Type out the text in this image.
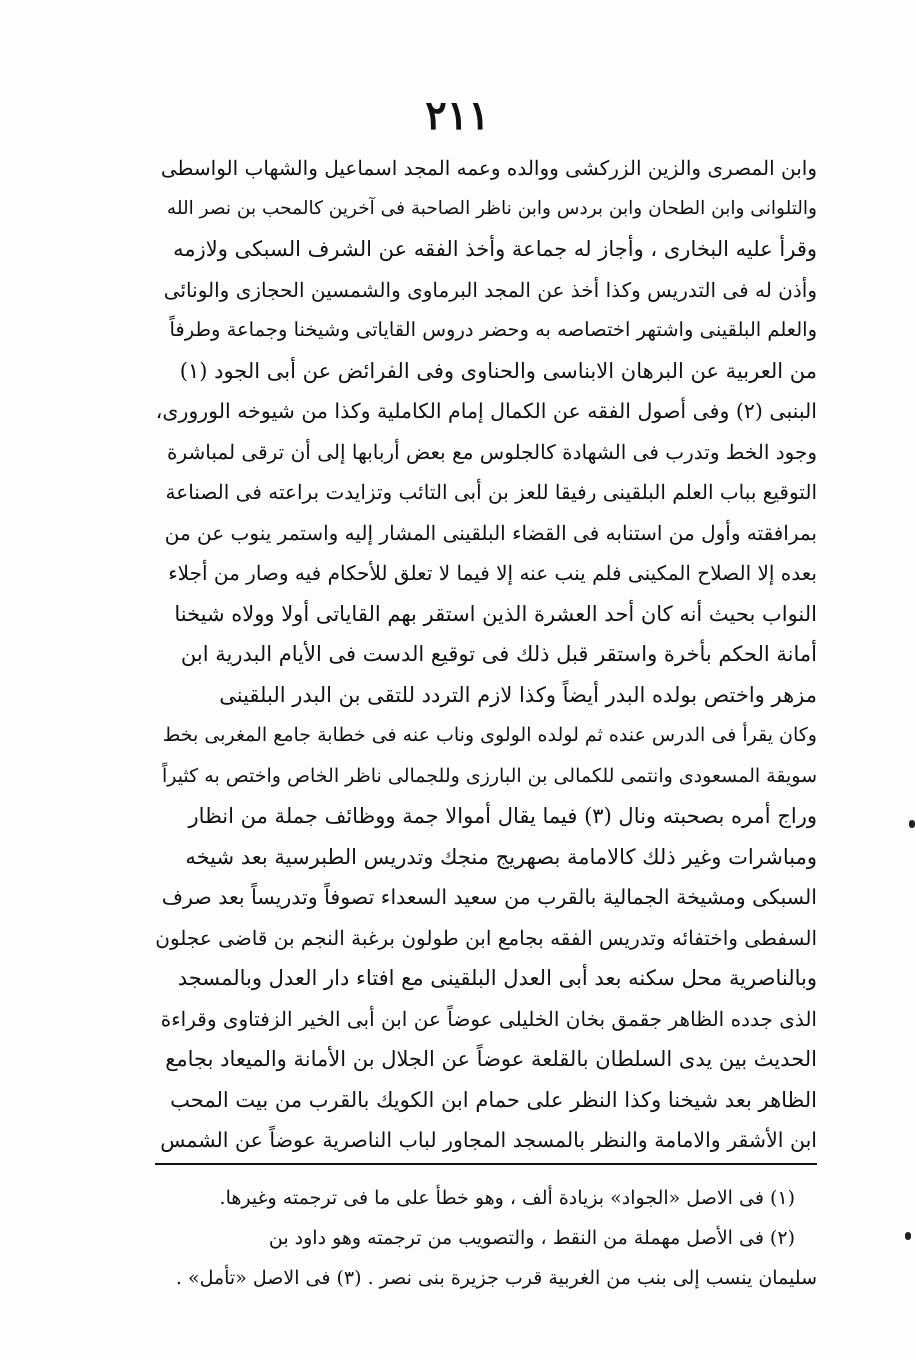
٢١١
وابن المصرى والزين الزركشى ووالده وعمه المجد اسماعيل والشهاب الواسطى
والتلوانى وابن الطحان وابن بردس وابن ناظر الصاحبة فى آخرين كالمحب بن نصر الله
وقرأ عليه البخارى ، وأجاز له جماعة وأخذ الفقه عن الشرف السبكى ولازمه
وأذن له فى التدريس وكذا أخذ عن المجد البرماوى والشمسين الحجازى والونائى
والعلم البلقينى واشتهر اختصاصه به وحضر دروس القاياتى وشيخنا وجماعة وطرفاً
من العربية عن البرهان الابناسى والحناوى وفى الفرائض عن أبى الجود (١)
البنبى (٢) وفى أصول الفقه عن الكمال إمام الكاملية وكذا من شيوخه الورورى،
وجود الخط وتدرب فى الشهادة كالجلوس مع بعض أربابها إلى أن ترقى لمباشرة
التوقيع بباب العلم البلقينى رفيقا للعز بن أبى التائب وتزايدت براعته فى الصناعة
بمرافقته وأول من استنابه فى القضاء البلقينى المشار إليه واستمر ينوب عن من
بعده إلا الصلاح المكينى فلم ينب عنه إلا فيما لا تعلق للأحكام فيه وصار من أجلاء
النواب بحيث أنه كان أحد العشرة الذين استقر بهم القاياتى أولا وولاه شيخنا
أمانة الحكم بأخرة واستقر قبل ذلك فى توقيع الدست فى الأيام البدرية ابن
مزهر واختص بولده البدر أيضاً وكذا لازم التردد للتقى بن البدر البلقينى
وكان يقرأ فى الدرس عنده ثم لولده الولوى وناب عنه فى خطابة جامع المغربى بخط
سويقة المسعودى وانتمى للكمالى بن البارزى وللجمالى ناظر الخاص واختص به كثيراً
وراج أمره بصحبته ونال (٣) فيما يقال أموالا جمة ووظائف جملة من انظار
ومباشرات وغير ذلك كالامامة بصهريج منجك وتدريس الطبرسية بعد شيخه
السبكى ومشيخة الجمالية بالقرب من سعيد السعداء تصوفاً وتدريساً بعد صرف
السفطى واختفائه وتدريس الفقه بجامع ابن طولون برغبة النجم بن قاضى عجلون
وبالناصرية محل سكنه بعد أبى العدل البلقينى مع افتاء دار العدل وبالمسجد
الذى جدده الظاهر جقمق بخان الخليلى عوضاً عن ابن أبى الخير الزفتاوى وقراءة
الحديث بين يدى السلطان بالقلعة عوضاً عن الجلال بن الأمانة والميعاد بجامع
الظاهر بعد شيخنا وكذا النظر على حمام ابن الكويك بالقرب من بيت المحب
ابن الأشقر والامامة والنظر بالمسجد المجاور لباب الناصرية عوضاً عن الشمس
(١) فى الاصل «الجواد» بزيادة ألف ، وهو خطأ على ما فى ترجمته وغيرها.
(٢) فى الأصل مهملة من النقط ، والتصويب من ترجمته وهو داود بن
سليمان ينسب إلى بنب من الغربية قرب جزيرة بنى نصر . (٣) فى الاصل «تأمل» .
